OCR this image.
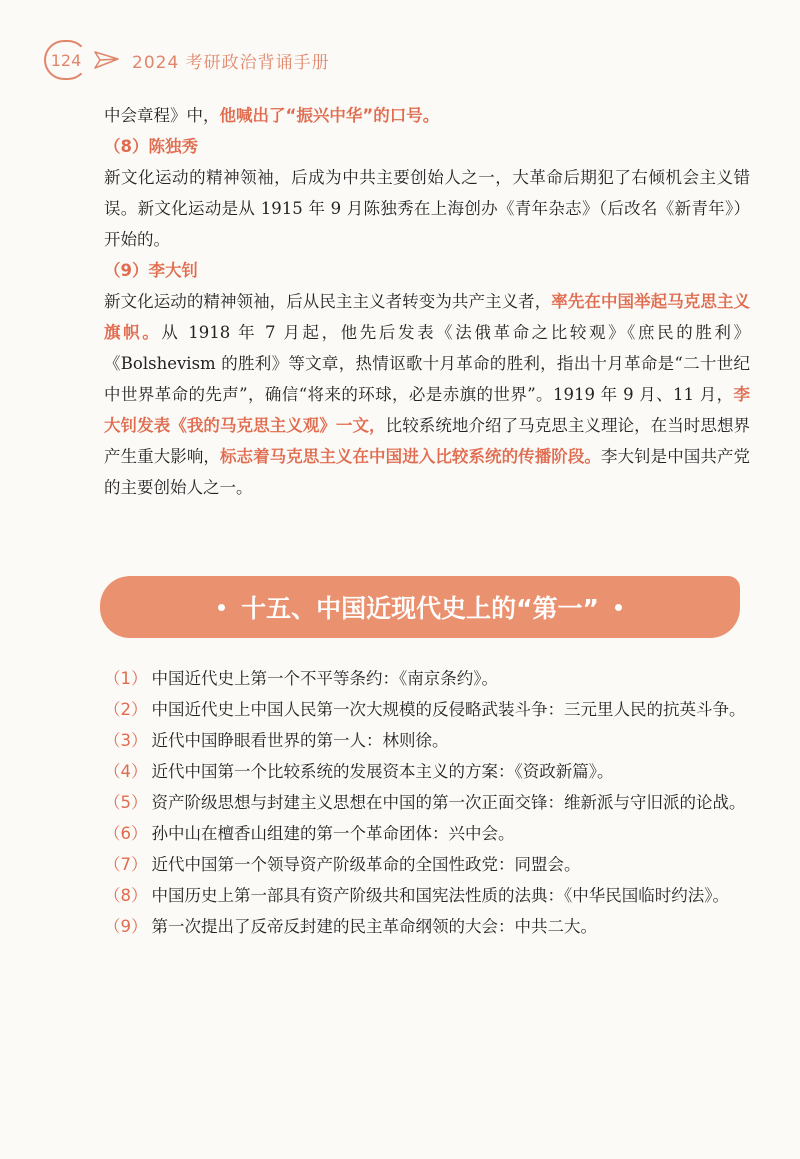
124	2024 考研政治背诵手册

中会章程》中，他喊出了“振兴中华”的口号。

（8）陈独秀

新文化运动的精神领袖，后成为中共主要创始人之一，大革命后期犯了右倾机会主义错误。新文化运动是从 1915 年 9 月陈独秀在上海创办《青年杂志》（后改名《新青年》）开始的。

（9）李大钊

新文化运动的精神领袖，后从民主主义者转变为共产主义者，率先在中国举起马克思主义旗帜。从 1918 年 7 月起，他先后发表《法俄革命之比较观》《庶民的胜利》《Bolshevism 的胜利》等文章，热情讴歌十月革命的胜利，指出十月革命是“二十世纪中世界革命的先声”，确信“将来的环球，必是赤旗的世界”。1919 年 9 月、11 月，李大钊发表《我的马克思主义观》一文，比较系统地介绍了马克思主义理论，在当时思想界产生重大影响，标志着马克思主义在中国进入比较系统的传播阶段。李大钊是中国共产党的主要创始人之一。

十五、中国近现代史上的“第一”

（1） 中国近代史上第一个不平等条约：《南京条约》。

（2） 中国近代史上中国人民第一次大规模的反侵略武装斗争：三元里人民的抗英斗争。

（3） 近代中国睁眼看世界的第一人：林则徐。

（4） 近代中国第一个比较系统的发展资本主义的方案：《资政新篇》。

（5） 资产阶级思想与封建主义思想在中国的第一次正面交锋：维新派与守旧派的论战。

（6） 孙中山在檀香山组建的第一个革命团体：兴中会。

（7） 近代中国第一个领导资产阶级革命的全国性政党：同盟会。

（8） 中国历史上第一部具有资产阶级共和国宪法性质的法典：《中华民国临时约法》。

（9） 第一次提出了反帝反封建的民主革命纲领的大会：中共二大。
